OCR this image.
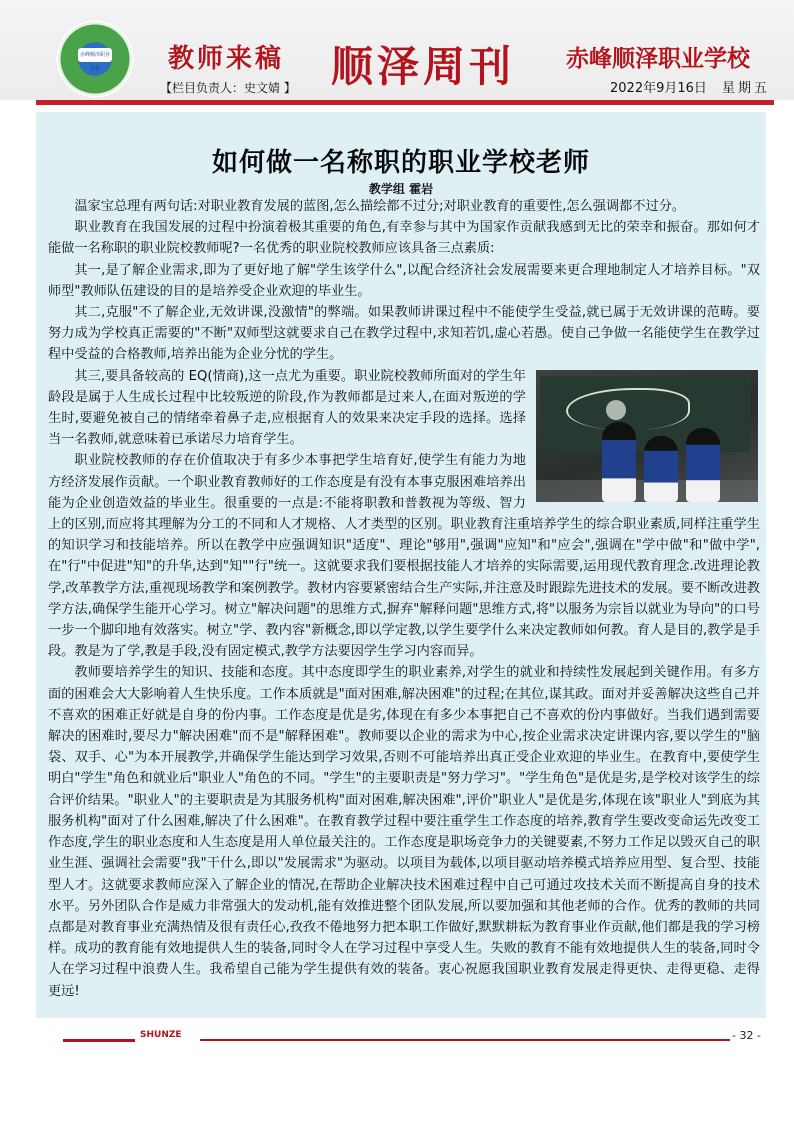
赤峰顺泽职业学校	教师来稿
【栏目负责人：史文婧 】 顺泽周刊 赤峰顺泽职业学校
2022年9月16日 星期五
如何做一名称职的职业学校老师
教学组 霍岩

温家宝总理有两句话:对职业教育发展的蓝图,怎么描绘都不过分;对职业教育的重要性,怎么强调都不过分。

职业教育在我国发展的过程中扮演着极其重要的角色,有幸参与其中为国家作贡献我感到无比的荣幸和振奋。那如何才能做一名称职的职业院校教师呢?一名优秀的职业院校教师应该具备三点素质:

其一,是了解企业需求,即为了更好地了解"学生该学什么",以配合经济社会发展需要来更合理地制定人才培养目标。"双师型"教师队伍建设的目的是培养受企业欢迎的毕业生。

其二,克服"不了解企业,无效讲课,没激情"的弊端。如果教师讲课过程中不能使学生受益,就已属于无效讲课的范畴。要努力成为学校真正需要的"不断"双师型这就要求自己在教学过程中,求知若饥,虚心若愚。使自己争做一名能使学生在教学过程中受益的合格教师,培养出能为企业分忧的学生。

其三,要具备较高的 EQ(情商),这一点尤为重要。职业院校教师所面对的学生年龄段是属于人生成长过程中比较叛逆的阶段,作为教师都是过来人,在面对叛逆的学生时,要避免被自己的情绪牵着鼻子走,应根据育人的效果来决定手段的选择。选择当一名教师,就意味着已承诺尽力培育学生。

职业院校教师的存在价值取决于有多少本事把学生培育好,使学生有能力为地方经济发展作贡献。一个职业教育教师好的工作态度是有没有本事克服困难培养出能为企业创造效益的毕业生。很重要的一点是:不能将职教和普教视为等级、智力上的区别,而应将其理解为分工的不同和人才规格、人才类型的区别。职业教育注重培养学生的综合职业素质,同样注重学生的知识学习和技能培养。所以在教学中应强调知识"适度"、理论"够用",强调"应知"和"应会",强调在"学中做"和"做中学",在"行"中促进"知"的升华,达到"知""行"统一。这就要求我们要根据技能人才培养的实际需要,运用现代教育理念.改进理论教学,改革教学方法,重视现场教学和案例教学。教材内容要紧密结合生产实际,并注意及时跟踪先进技术的发展。要不断改进教学方法,确保学生能开心学习。树立"解决问题"的思维方式,摒弃"解释问题"思维方式,将"以服务为宗旨以就业为导向"的口号一步一个脚印地有效落实。树立"学、教内容"新概念,即以学定教,以学生要学什么来决定教师如何教。育人是目的,教学是手段。教是为了学,教是手段,没有固定模式,教学方法要因学生学习内容而异。

教师要培养学生的知识、技能和态度。其中态度即学生的职业素养,对学生的就业和持续性发展起到关键作用。有多方面的困难会大大影响着人生快乐度。工作本质就是"面对困难,解决困难"的过程;在其位,谋其政。面对并妥善解决这些自己并不喜欢的困难正好就是自身的份内事。工作态度是优是劣,体现在有多少本事把自己不喜欢的份内事做好。当我们遇到需要解决的困难时,要尽力"解决困难"而不是"解释困难"。教师要以企业的需求为中心,按企业需求决定讲课内容,要以学生的"脑袋、双手、心"为本开展教学,并确保学生能达到学习效果,否则不可能培养出真正受企业欢迎的毕业生。在教育中,要使学生明白"学生"角色和就业后"职业人"角色的不同。"学生"的主要职责是"努力学习"。"学生角色"是优是劣,是学校对该学生的综合评价结果。"职业人"的主要职责是为其服务机构"面对困难,解决困难",评价"职业人"是优是劣,体现在该"职业人"到底为其服务机构"面对了什么困难,解决了什么困难"。在教育教学过程中要注重学生工作态度的培养,教育学生要改变命运先改变工作态度,学生的职业态度和人生态度是用人单位最关注的。工作态度是职场竞争力的关键要素,不努力工作足以毁灭自己的职业生涯、强调社会需要"我"干什么,即以"发展需求"为驱动。以项目为载体,以项目驱动培养模式培养应用型、复合型、技能型人才。这就要求教师应深入了解企业的情况,在帮助企业解决技术困难过程中自己可通过攻技术关而不断提高自身的技术水平。另外团队合作是威力非常强大的发动机,能有效推进整个团队发展,所以要加强和其他老师的合作。优秀的教师的共同点都是对教育事业充满热情及很有责任心,孜孜不倦地努力把本职工作做好,默默耕耘为教育事业作贡献,他们都是我的学习榜样。成功的教育能有效地提供人生的装备,同时令人在学习过程中享受人生。失败的教育不能有效地提供人生的装备,同时令人在学习过程中浪费人生。我希望自己能为学生提供有效的装备。衷心祝愿我国职业教育发展走得更快、走得更稳、走得更远!

SHUNZE	- 32 -
